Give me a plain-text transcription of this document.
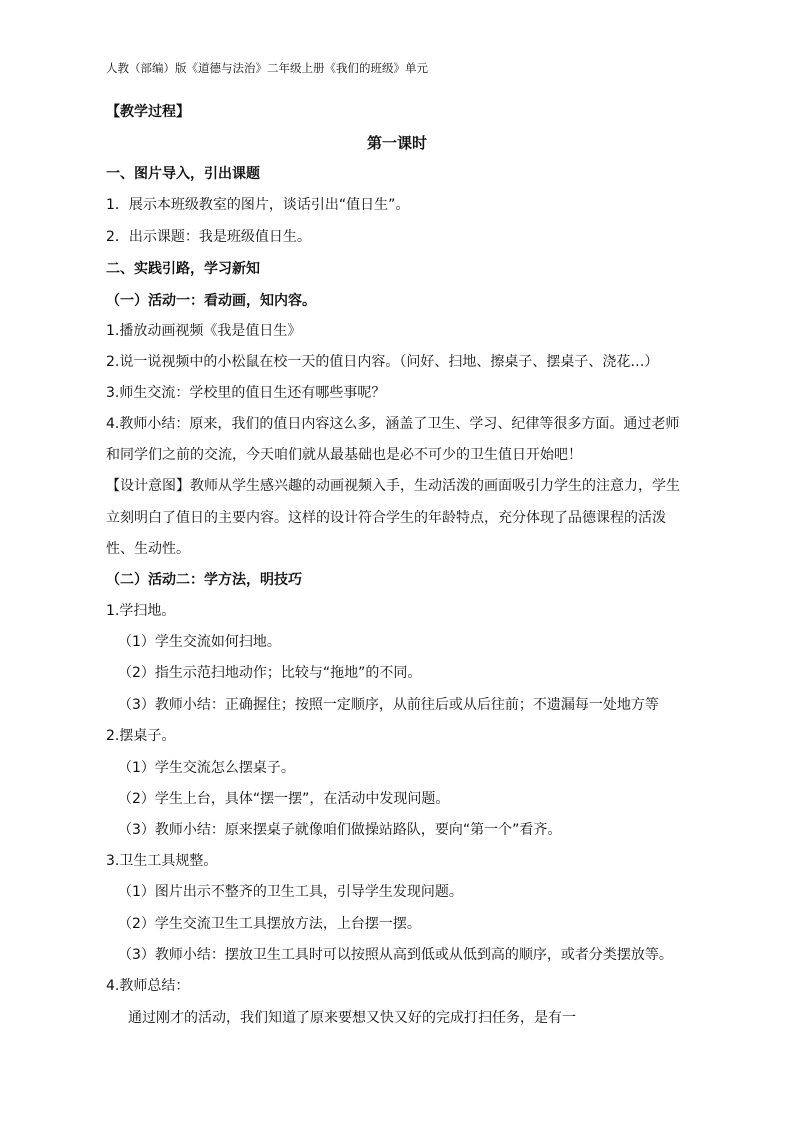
人教（部编）版《道德与法治》二年级上册《我们的班级》单元
【教学过程】
第一课时
一、图片导入，引出课题
1．展示本班级教室的图片，谈话引出“值日生”。
2．出示课题：我是班级值日生。
二、实践引路，学习新知
（一）活动一：看动画，知内容。
1.播放动画视频《我是值日生》
2.说一说视频中的小松鼠在校一天的值日内容。（问好、扫地、擦桌子、摆桌子、浇花…）
3.师生交流：学校里的值日生还有哪些事呢？
4.教师小结：原来，我们的值日内容这么多，涵盖了卫生、学习、纪律等很多方面。通过老师
和同学们之前的交流，今天咱们就从最基础也是必不可少的卫生值日开始吧！
【设计意图】教师从学生感兴趣的动画视频入手，生动活泼的画面吸引力学生的注意力，学生
立刻明白了值日的主要内容。这样的设计符合学生的年龄特点，充分体现了品德课程的活泼
性、生动性。
（二）活动二：学方法，明技巧
1.学扫地。
（1）学生交流如何扫地。
（2）指生示范扫地动作；比较与“拖地”的不同。
（3）教师小结：正确握住；按照一定顺序，从前往后或从后往前；不遗漏每一处地方等
2.摆桌子。
（1）学生交流怎么摆桌子。
（2）学生上台，具体“摆一摆”，在活动中发现问题。
（3）教师小结：原来摆桌子就像咱们做操站路队，要向“第一个”看齐。
3.卫生工具规整。
（1）图片出示不整齐的卫生工具，引导学生发现问题。
（2）学生交流卫生工具摆放方法，上台摆一摆。
（3）教师小结：摆放卫生工具时可以按照从高到低或从低到高的顺序，或者分类摆放等。
4.教师总结：
通过刚才的活动，我们知道了原来要想又快又好的完成打扫任务，是有一
